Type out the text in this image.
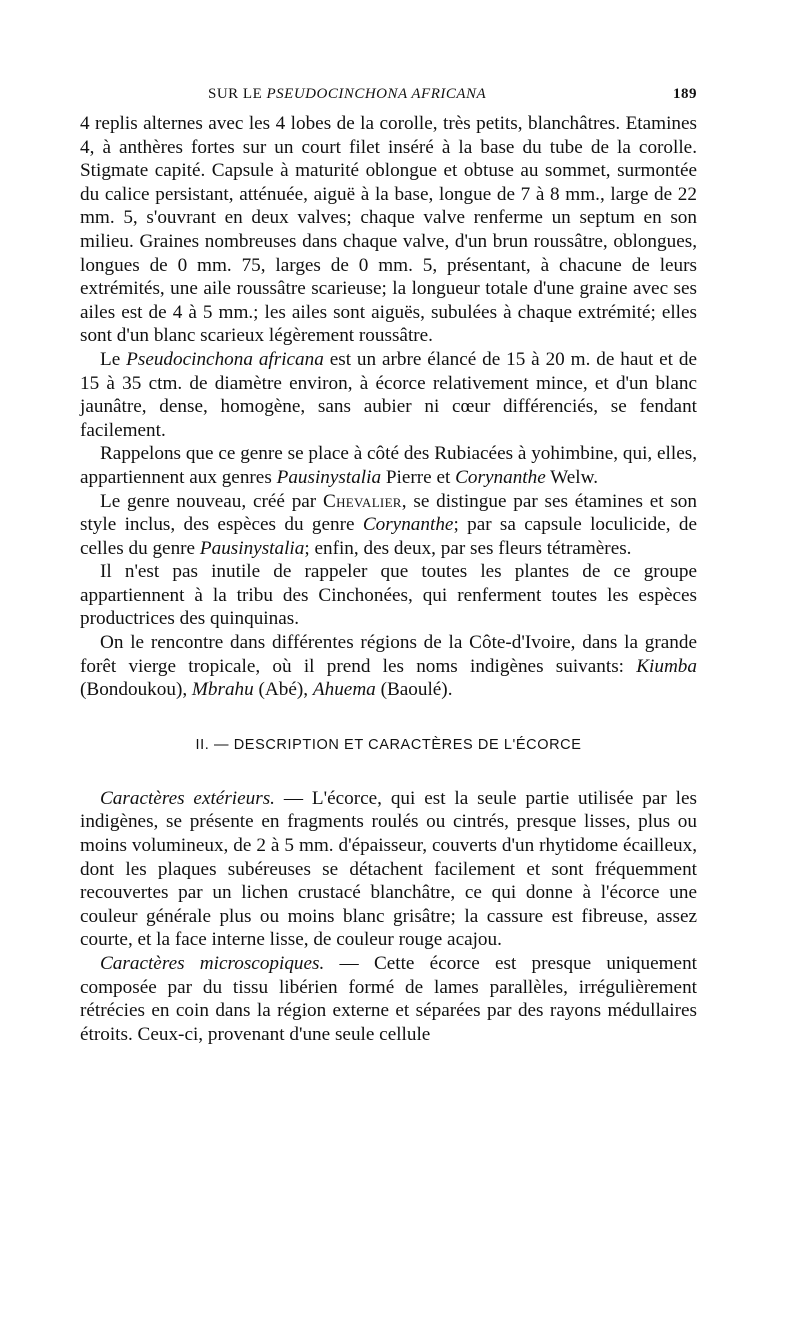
SUR LE PSEUDOCINCHONA AFRICANA	189

4 replis alternes avec les 4 lobes de la corolle, très petits, blanchâtres. Etamines 4, à anthères fortes sur un court filet inséré à la base du tube de la corolle. Stigmate capité. Capsule à maturité oblongue et obtuse au sommet, surmontée du calice persistant, atténuée, aiguë à la base, longue de 7 à 8 mm., large de 22 mm. 5, s'ouvrant en deux valves; chaque valve renferme un septum en son milieu. Graines nombreuses dans chaque valve, d'un brun roussâtre, oblongues, longues de 0 mm. 75, larges de 0 mm. 5, présentant, à chacune de leurs extrémités, une aile roussâtre scarieuse; la longueur totale d'une graine avec ses ailes est de 4 à 5 mm.; les ailes sont aiguës, subulées à chaque extrémité; elles sont d'un blanc scarieux légèrement roussâtre.

Le Pseudocinchona africana est un arbre élancé de 15 à 20 m. de haut et de 15 à 35 ctm. de diamètre environ, à écorce relativement mince, et d'un blanc jaunâtre, dense, homogène, sans aubier ni cœur différenciés, se fendant facilement.

Rappelons que ce genre se place à côté des Rubiacées à yohimbine, qui, elles, appartiennent aux genres Pausinystalia Pierre et Corynanthe Welw.

Le genre nouveau, créé par Chevalier, se distingue par ses étamines et son style inclus, des espèces du genre Corynanthe; par sa capsule loculicide, de celles du genre Pausinystalia; enfin, des deux, par ses fleurs tétramères.

Il n'est pas inutile de rappeler que toutes les plantes de ce groupe appartiennent à la tribu des Cinchonées, qui renferment toutes les espèces productrices des quinquinas.

On le rencontre dans différentes régions de la Côte-d'Ivoire, dans la grande forêt vierge tropicale, où il prend les noms indigènes suivants: Kiumba (Bondoukou), Mbrahu (Abé), Ahuema (Baoulé).

II. — DESCRIPTION ET CARACTÈRES DE L'ÉCORCE

Caractères extérieurs. — L'écorce, qui est la seule partie utilisée par les indigènes, se présente en fragments roulés ou cintrés, presque lisses, plus ou moins volumineux, de 2 à 5 mm. d'épaisseur, couverts d'un rhytidome écailleux, dont les plaques subéreuses se détachent facilement et sont fréquemment recouvertes par un lichen crustacé blanchâtre, ce qui donne à l'écorce une couleur générale plus ou moins blanc grisâtre; la cassure est fibreuse, assez courte, et la face interne lisse, de couleur rouge acajou.

Caractères microscopiques. — Cette écorce est presque uniquement composée par du tissu libérien formé de lames parallèles, irrégulièrement rétrécies en coin dans la région externe et séparées par des rayons médullaires étroits. Ceux-ci, provenant d'une seule cellule
